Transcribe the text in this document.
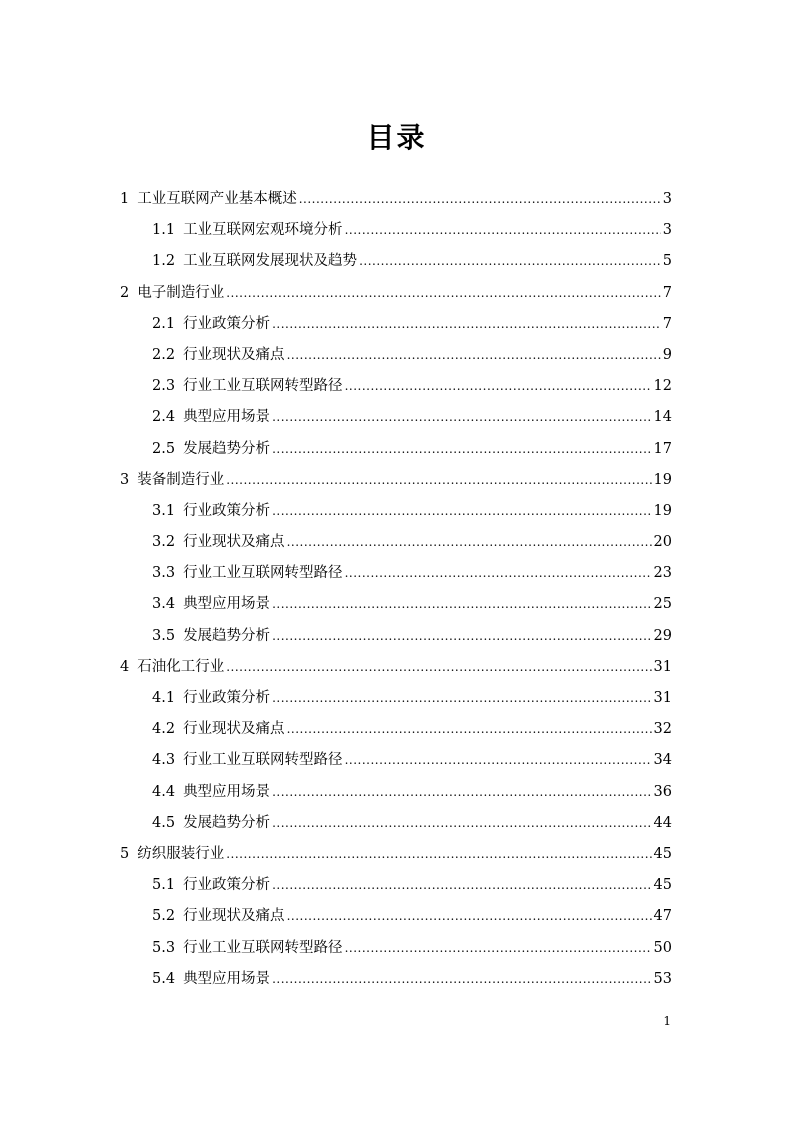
目录
1 工业互联网产业基本概述 .....	3
1.1 工业互联网宏观环境分析 .....	3
1.2 工业互联网发展现状及趋势 .....	5
2 电子制造行业 .....	7
2.1 行业政策分析 .....	7
2.2 行业现状及痛点 .....	9
2.3 行业工业互联网转型路径 .....	12
2.4 典型应用场景 .....	14
2.5 发展趋势分析 .....	17
3 装备制造行业 .....	19
3.1 行业政策分析 .....	19
3.2 行业现状及痛点 .....	20
3.3 行业工业互联网转型路径 .....	23
3.4 典型应用场景 .....	25
3.5 发展趋势分析 .....	29
4 石油化工行业 .....	31
4.1 行业政策分析 .....	31
4.2 行业现状及痛点 .....	32
4.3 行业工业互联网转型路径 .....	34
4.4 典型应用场景 .....	36
4.5 发展趋势分析 .....	44
5 纺织服装行业 .....	45
5.1 行业政策分析 .....	45
5.2 行业现状及痛点 .....	47
5.3 行业工业互联网转型路径 .....	50
5.4 典型应用场景 .....	53
1
